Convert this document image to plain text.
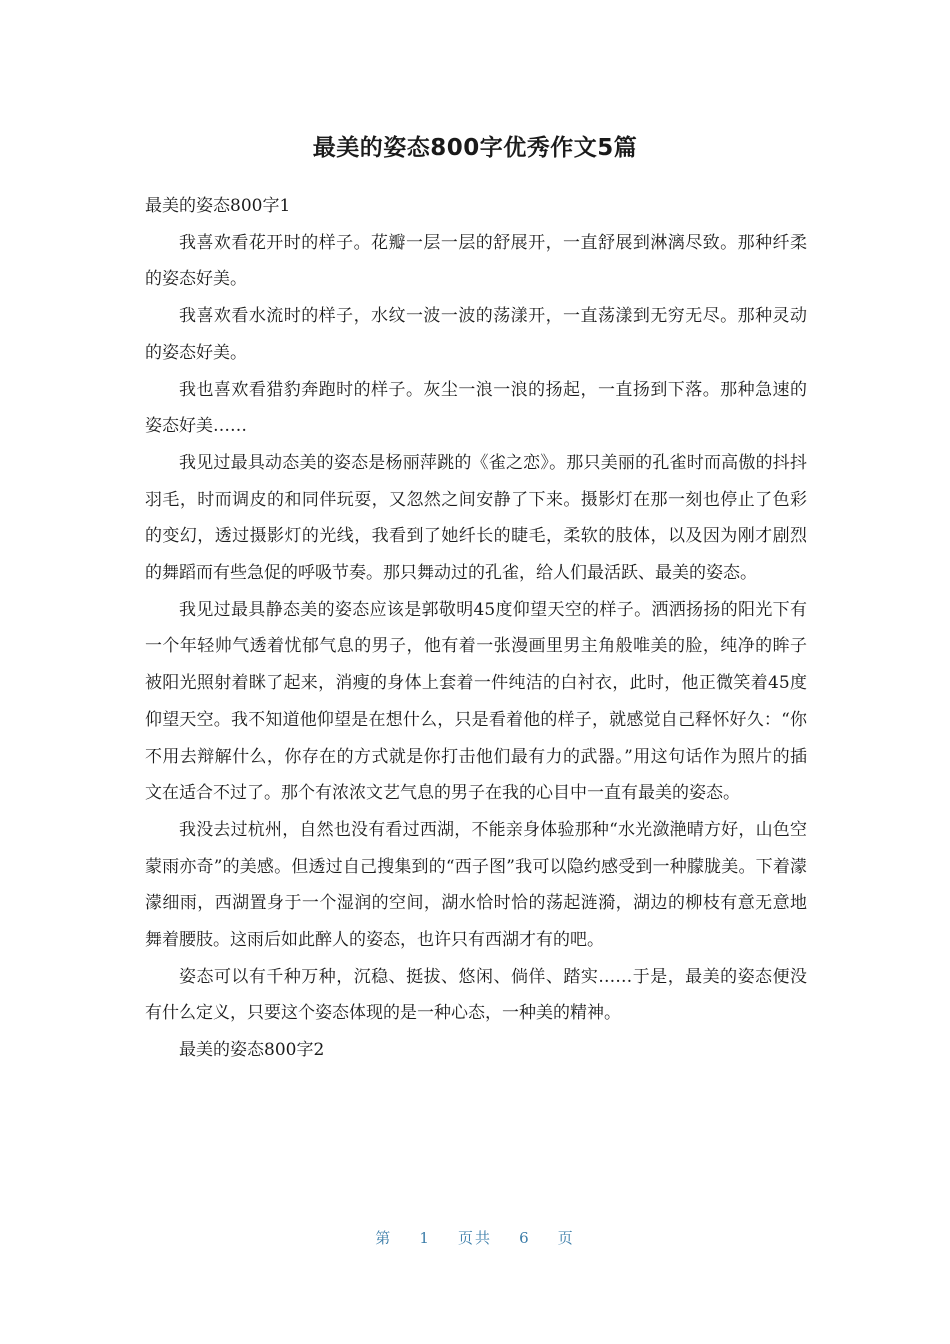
最美的姿态800字优秀作文5篇

最美的姿态800字1

我喜欢看花开时的样子。花瓣一层一层的舒展开，一直舒展到淋漓尽致。那种纤柔的姿态好美。

我喜欢看水流时的样子，水纹一波一波的荡漾开，一直荡漾到无穷无尽。那种灵动的姿态好美。

我也喜欢看猎豹奔跑时的样子。灰尘一浪一浪的扬起，一直扬到下落。那种急速的姿态好美……

我见过最具动态美的姿态是杨丽萍跳的《雀之恋》。那只美丽的孔雀时而高傲的抖抖羽毛，时而调皮的和同伴玩耍，又忽然之间安静了下来。摄影灯在那一刻也停止了色彩的变幻，透过摄影灯的光线，我看到了她纤长的睫毛，柔软的肢体，以及因为刚才剧烈的舞蹈而有些急促的呼吸节奏。那只舞动过的孔雀，给人们最活跃、最美的姿态。

我见过最具静态美的姿态应该是郭敬明45度仰望天空的样子。洒洒扬扬的阳光下有一个年轻帅气透着忧郁气息的男子，他有着一张漫画里男主角般唯美的脸，纯净的眸子被阳光照射着眯了起来，消瘦的身体上套着一件纯洁的白衬衣，此时，他正微笑着45度仰望天空。我不知道他仰望是在想什么，只是看着他的样子，就感觉自己释怀好久：“你不用去辩解什么，你存在的方式就是你打击他们最有力的武器。”用这句话作为照片的插文在适合不过了。那个有浓浓文艺气息的男子在我的心目中一直有最美的姿态。

我没去过杭州，自然也没有看过西湖，不能亲身体验那种“水光潋滟晴方好，山色空蒙雨亦奇”的美感。但透过自己搜集到的“西子图”我可以隐约感受到一种朦胧美。下着濛濛细雨，西湖置身于一个湿润的空间，湖水恰时恰的荡起涟漪，湖边的柳枝有意无意地舞着腰肢。这雨后如此醉人的姿态，也许只有西湖才有的吧。

姿态可以有千种万种，沉稳、挺拔、悠闲、倘佯、踏实……于是，最美的姿态便没有什么定义，只要这个姿态体现的是一种心态，一种美的精神。

最美的姿态800字2

第 1 页共 6 页
